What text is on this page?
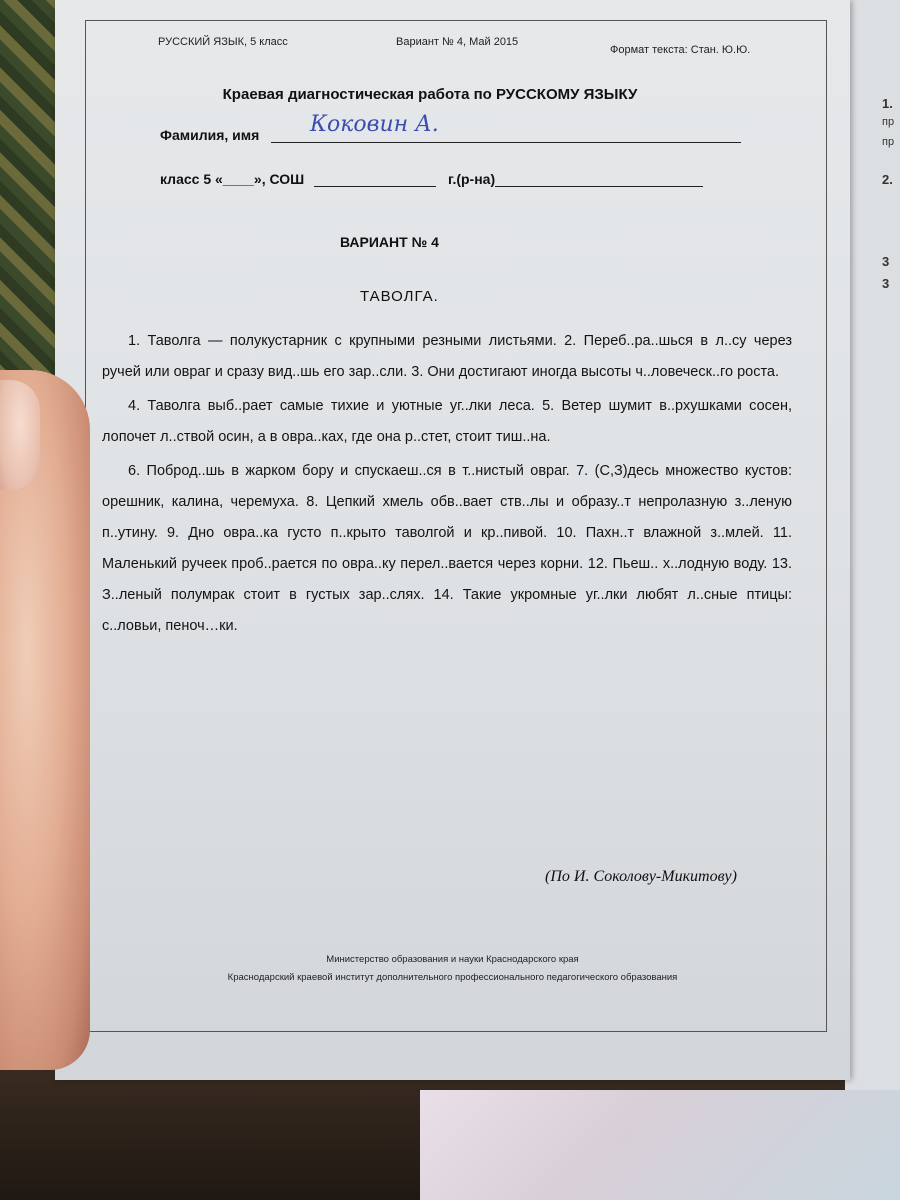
1.
пр
пр
2.
3
3
РУССКИЙ ЯЗЫК, 5 класс	Вариант № 4, Май 2015
Формат текста: Стан. Ю.Ю.
Краевая диагностическая работа по РУССКОМУ ЯЗЫКУ
Фамилия, имя	Коковин А.
класс 5 «____», СОШ	г.(р-на)
ВАРИАНТ № 4
ТАВОЛГА.

1. Таволга — полукустарник с крупными резными листьями. 2. Переб..ра..шься в л..су через ручей или овраг и сразу вид..шь его зар..сли. 3. Они достигают иногда высоты ч..ловеческ..го роста.

4. Таволга выб..рает самые тихие и уютные уг..лки леса. 5. Ветер шумит в..рхушками сосен, лопочет л..ствой осин, а в овра..ках, где она р..стет, стоит тиш..на.

6. Поброд..шь в жарком бору и спускаеш..ся в т..нистый овраг. 7. (С,З)десь множество кустов: орешник, калина, черемуха. 8. Цепкий хмель обв..вает ств..лы и образу..т непролазную з..леную п..утину. 9. Дно овра..ка густо п..крыто таволгой и кр..пивой. 10. Пахн..т влажной з..млей. 11. Маленький ручеек проб..рается по овра..ку перел..вается через корни. 12. Пьеш.. х..лодную воду. 13. З..леный полумрак стоит в густых зар..слях. 14. Такие укромные уг..лки любят л..сные птицы: с..ловьи, пеноч…ки.

(По И. Соколову-Микитову)
Министерство образования и науки Краснодарского края
Краснодарский краевой институт дополнительного профессионального педагогического образования
